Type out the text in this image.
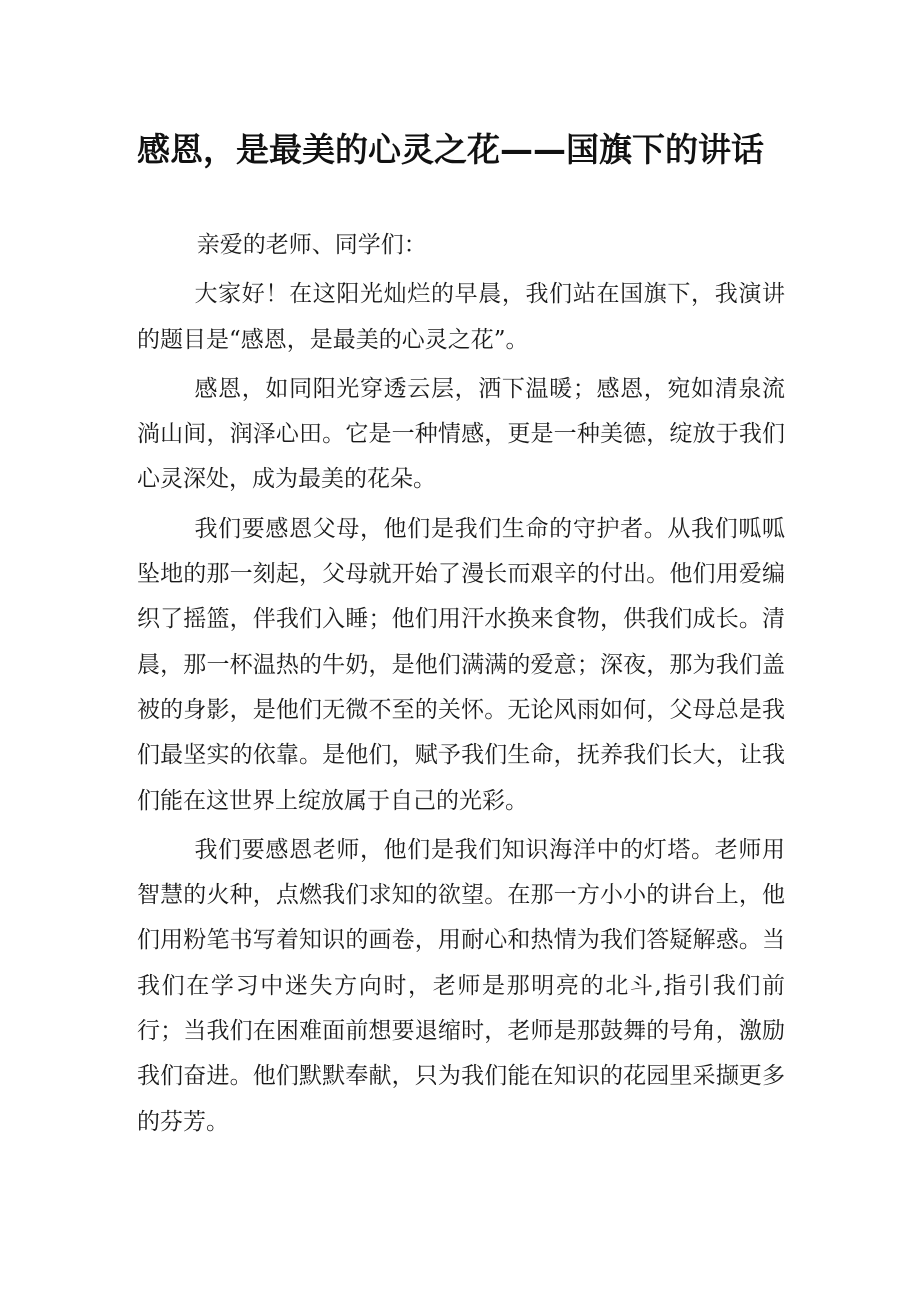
感恩，是最美的心灵之花——国旗下的讲话

亲爱的老师、同学们：

大家好！在这阳光灿烂的早晨，我们站在国旗下，我演讲的题目是“感恩，是最美的心灵之花”。

感恩，如同阳光穿透云层，洒下温暖；感恩，宛如清泉流淌山间，润泽心田。它是一种情感，更是一种美德，绽放于我们心灵深处，成为最美的花朵。

我们要感恩父母，他们是我们生命的守护者。从我们呱呱坠地的那一刻起，父母就开始了漫长而艰辛的付出。他们用爱编织了摇篮，伴我们入睡；他们用汗水换来食物，供我们成长。清晨，那一杯温热的牛奶，是他们满满的爱意；深夜，那为我们盖被的身影，是他们无微不至的关怀。无论风雨如何，父母总是我们最坚实的依靠。是他们，赋予我们生命，抚养我们长大，让我们能在这世界上绽放属于自己的光彩。

我们要感恩老师，他们是我们知识海洋中的灯塔。老师用智慧的火种，点燃我们求知的欲望。在那一方小小的讲台上，他们用粉笔书写着知识的画卷，用耐心和热情为我们答疑解惑。当我们在学习中迷失方向时，老师是那明亮的北斗,指引我们前行；当我们在困难面前想要退缩时，老师是那鼓舞的号角，激励我们奋进。他们默默奉献，只为我们能在知识的花园里采撷更多的芬芳。
